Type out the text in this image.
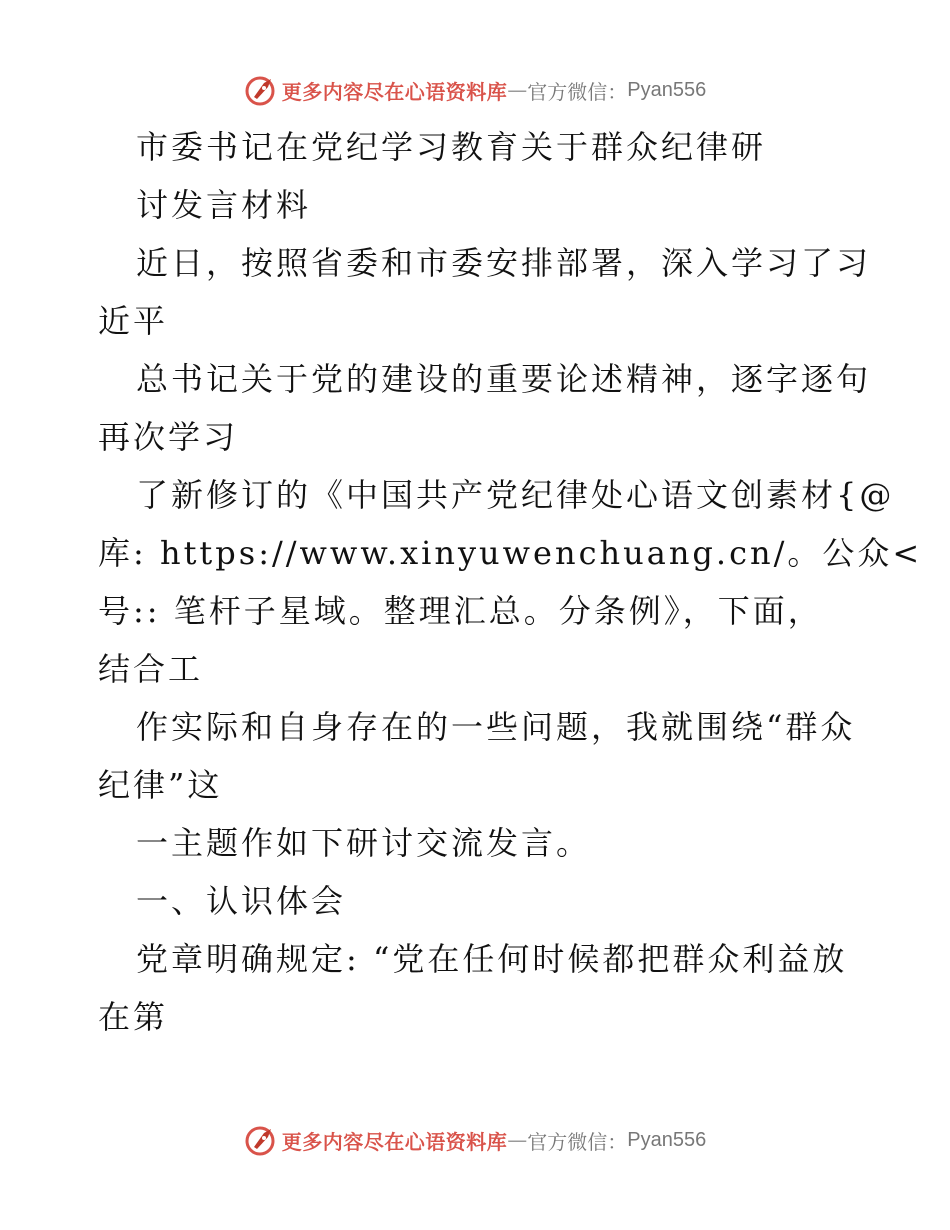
更多内容尽在心语资料库 — 官方微信： Pyan556
市委书记在党纪学习教育关于群众纪律研
讨发言材料
近日，按照省委和市委安排部署，深入学习了习
近平
总书记关于党的建设的重要论述精神，逐字逐句
再次学习
了新修订的《中国共产党纪律处心语文创素材{@
库: https://www.xinyuwenchuang.cn/。公众<
号:: 笔杆子星域。整理汇总。分条例》，下面，
结合工
作实际和自身存在的一些问题，我就围绕“群众
纪律”这
一主题作如下研讨交流发言。
一、认识体会
党章明确规定: “党在任何时候都把群众利益放
在第
更多内容尽在心语资料库 — 官方微信： Pyan556
